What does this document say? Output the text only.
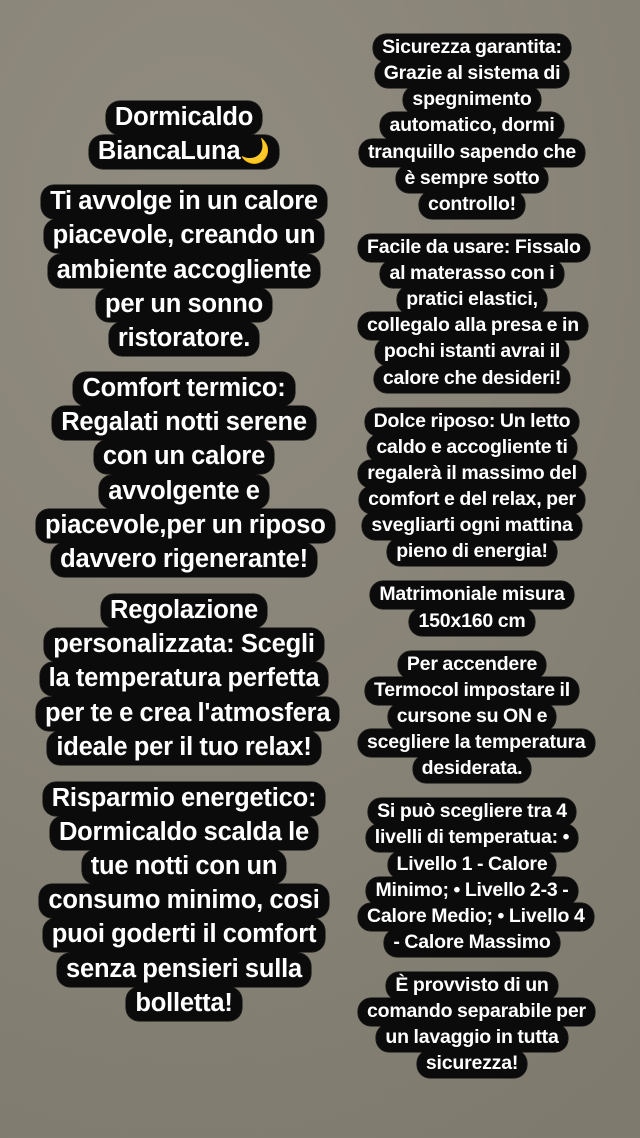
Dormicaldo
BiancaLuna🌙
Ti avvolge in un calore piacevole, creando un ambiente accogliente per un sonno ristoratore.
Comfort termico: Regalati notti serene con un calore avvolgente e piacevole,per un riposo davvero rigenerante!
Regolazione personalizzata: Scegli la temperatura perfetta per te e crea l'atmosfera ideale per il tuo relax!
Risparmio energetico: Dormicaldo scalda le tue notti con un consumo minimo, cosi puoi goderti il comfort senza pensieri sulla bolletta!
Sicurezza garantita: Grazie al sistema di spegnimento automatico, dormi tranquillo sapendo che è sempre sotto controllo!
Facile da usare: Fissalo al materasso con i pratici elastici, collegalo alla presa e in pochi istanti avrai il calore che desideri!
Dolce riposo: Un letto caldo e accogliente ti regalerà il massimo del comfort e del relax, per svegliarti ogni mattina pieno di energia!
Matrimoniale misura 150x160 cm
Per accendere Termocol impostare il cursone su ON e scegliere la temperatura desiderata.
Si può scegliere tra 4 livelli di temperatua: • Livello 1 - Calore Minimo; • Livello 2-3 - Calore Medio; • Livello 4 - Calore Massimo
È provvisto di un comando separabile per un lavaggio in tutta sicurezza!
